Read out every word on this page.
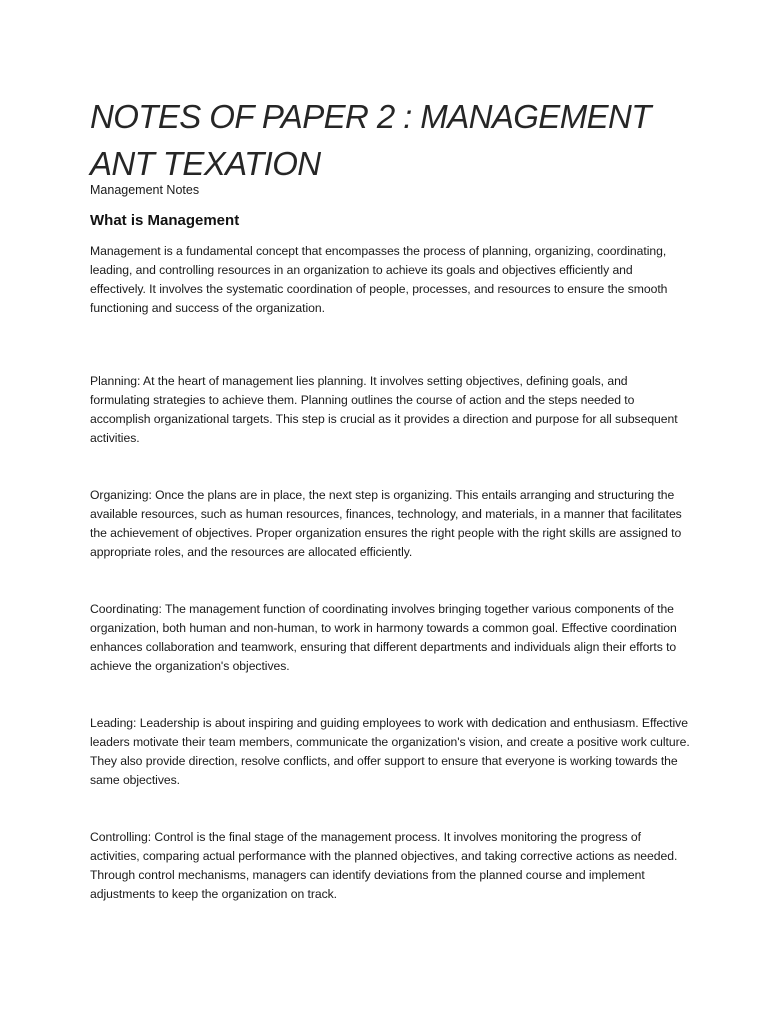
NOTES OF PAPER 2 : MANAGEMENT ANT TEXATION
Management Notes
What is Management

Management is a fundamental concept that encompasses the process of planning, organizing, coordinating, leading, and controlling resources in an organization to achieve its goals and objectives efficiently and effectively. It involves the systematic coordination of people, processes, and resources to ensure the smooth functioning and success of the organization.

Planning: At the heart of management lies planning. It involves setting objectives, defining goals, and formulating strategies to achieve them. Planning outlines the course of action and the steps needed to accomplish organizational targets. This step is crucial as it provides a direction and purpose for all subsequent activities.

Organizing: Once the plans are in place, the next step is organizing. This entails arranging and structuring the available resources, such as human resources, finances, technology, and materials, in a manner that facilitates the achievement of objectives. Proper organization ensures the right people with the right skills are assigned to appropriate roles, and the resources are allocated efficiently.

Coordinating: The management function of coordinating involves bringing together various components of the organization, both human and non-human, to work in harmony towards a common goal. Effective coordination enhances collaboration and teamwork, ensuring that different departments and individuals align their efforts to achieve the organization's objectives.

Leading: Leadership is about inspiring and guiding employees to work with dedication and enthusiasm. Effective leaders motivate their team members, communicate the organization's vision, and create a positive work culture. They also provide direction, resolve conflicts, and offer support to ensure that everyone is working towards the same objectives.

Controlling: Control is the final stage of the management process. It involves monitoring the progress of activities, comparing actual performance with the planned objectives, and taking corrective actions as needed. Through control mechanisms, managers can identify deviations from the planned course and implement adjustments to keep the organization on track.
